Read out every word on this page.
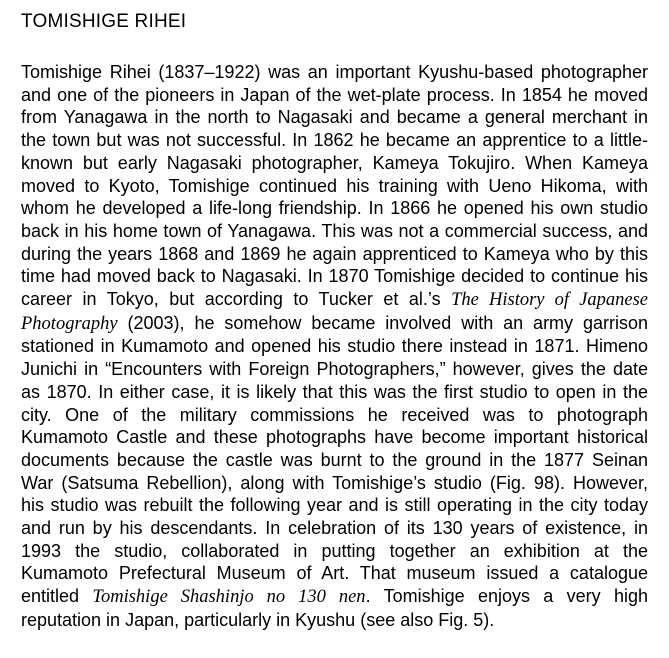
TOMISHIGE RIHEI

Tomishige Rihei (1837–1922) was an important Kyushu-based photographer and one of the pioneers in Japan of the wet-plate process. In 1854 he moved from Yanagawa in the north to Nagasaki and became a general merchant in the town but was not successful. In 1862 he became an apprentice to a little-known but early Nagasaki photographer, Kameya Tokujiro. When Kameya moved to Kyoto, Tomishige continued his training with Ueno Hikoma, with whom he developed a life-long friendship. In 1866 he opened his own studio back in his home town of Yanagawa. This was not a commercial success, and during the years 1868 and 1869 he again apprenticed to Kameya who by this time had moved back to Nagasaki. In 1870 Tomishige decided to continue his career in Tokyo, but according to Tucker et al.’s The History of Japanese Photography (2003), he somehow became involved with an army garrison stationed in Kumamoto and opened his studio there instead in 1871. Himeno Junichi in “Encounters with Foreign Photographers,” however, gives the date as 1870. In either case, it is likely that this was the first studio to open in the city. One of the military commissions he received was to photograph Kumamoto Castle and these photographs have become important historical documents because the castle was burnt to the ground in the 1877 Seinan War (Satsuma Rebellion), along with Tomishige’s studio (Fig. 98). However, his studio was rebuilt the following year and is still operating in the city today and run by his descendants. In celebration of its 130 years of existence, in 1993 the studio, collaborated in putting together an exhibition at the Kumamoto Prefectural Museum of Art. That museum issued a catalogue entitled Tomishige Shashinjo no 130 nen. Tomishige enjoys a very high reputation in Japan, particularly in Kyushu (see also Fig. 5).
